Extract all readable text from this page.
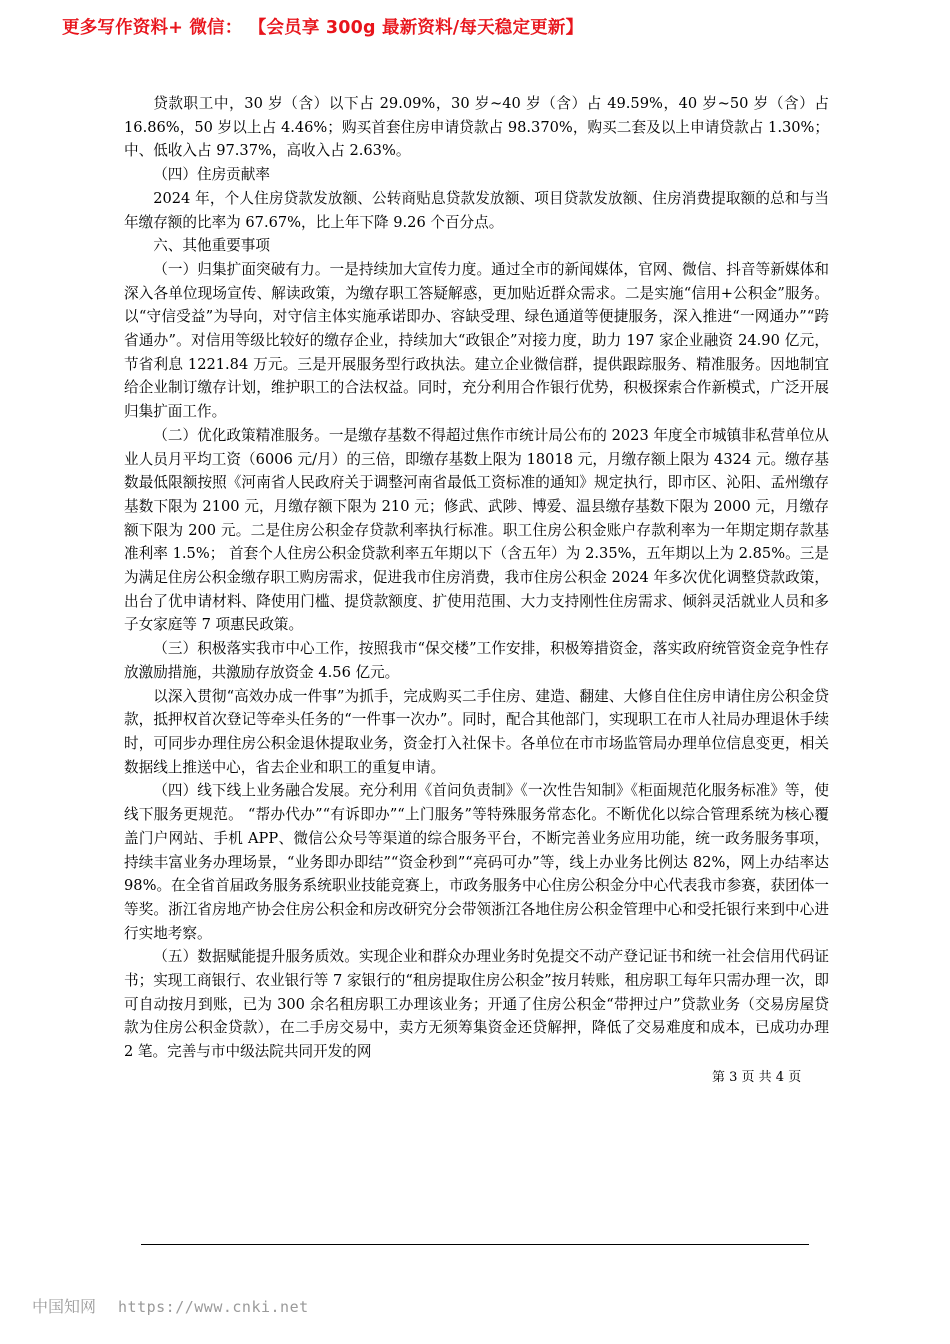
更多写作资料+ 微信： 【会员享 300g 最新资料/每天稳定更新】

贷款职工中，30 岁（含）以下占 29.09%，30 岁~40 岁（含）占 49.59%，40 岁~50 岁（含）占 16.86%，50 岁以上占 4.46%；购买首套住房申请贷款占 98.370%，购买二套及以上申请贷款占 1.30%；中、低收入占 97.37%，高收入占 2.63%。

（四）住房贡献率

2024 年，个人住房贷款发放额、公转商贴息贷款发放额、项目贷款发放额、住房消费提取额的总和与当年缴存额的比率为 67.67%，比上年下降 9.26 个百分点。

六、其他重要事项

（一）归集扩面突破有力。一是持续加大宣传力度。通过全市的新闻媒体，官网、微信、抖音等新媒体和深入各单位现场宣传、解读政策，为缴存职工答疑解惑，更加贴近群众需求。二是实施“信用+公积金”服务。以“守信受益”为导向，对守信主体实施承诺即办、容缺受理、绿色通道等便捷服务，深入推进“一网通办”“跨省通办”。对信用等级比较好的缴存企业，持续加大“政银企”对接力度，助力 197 家企业融资 24.90 亿元，节省利息 1221.84 万元。三是开展服务型行政执法。建立企业微信群，提供跟踪服务、精准服务。因地制宜给企业制订缴存计划，维护职工的合法权益。同时，充分利用合作银行优势，积极探索合作新模式，广泛开展归集扩面工作。

（二）优化政策精准服务。一是缴存基数不得超过焦作市统计局公布的 2023 年度全市城镇非私营单位从业人员月平均工资（6006 元/月）的三倍，即缴存基数上限为 18018 元，月缴存额上限为 4324 元。缴存基数最低限额按照《河南省人民政府关于调整河南省最低工资标准的通知》规定执行，即市区、沁阳、孟州缴存基数下限为 2100 元，月缴存额下限为 210 元；修武、武陟、博爱、温县缴存基数下限为 2000 元，月缴存额下限为 200 元。二是住房公积金存贷款利率执行标准。职工住房公积金账户存款利率为一年期定期存款基准利率 1.5%； 首套个人住房公积金贷款利率五年期以下（含五年）为 2.35%，五年期以上为 2.85%。三是为满足住房公积金缴存职工购房需求，促进我市住房消费，我市住房公积金 2024 年多次优化调整贷款政策，出台了优申请材料、降使用门槛、提贷款额度、扩使用范围、大力支持刚性住房需求、倾斜灵活就业人员和多子女家庭等 7 项惠民政策。

（三）积极落实我市中心工作，按照我市“保交楼”工作安排，积极筹措资金，落实政府统管资金竞争性存放激励措施，共激励存放资金 4.56 亿元。

以深入贯彻“高效办成一件事”为抓手，完成购买二手住房、建造、翻建、大修自住住房申请住房公积金贷款，抵押权首次登记等牵头任务的“一件事一次办”。同时，配合其他部门，实现职工在市人社局办理退休手续时，可同步办理住房公积金退休提取业务，资金打入社保卡。各单位在市市场监管局办理单位信息变更，相关数据线上推送中心，省去企业和职工的重复申请。

（四）线下线上业务融合发展。充分利用《首问负责制》《一次性告知制》《柜面规范化服务标准》等，使线下服务更规范。 “帮办代办”“有诉即办”“上门服务”等特殊服务常态化。不断优化以综合管理系统为核心覆盖门户网站、手机 APP、微信公众号等渠道的综合服务平台，不断完善业务应用功能，统一政务服务事项，持续丰富业务办理场景，“业务即办即结”“资金秒到”“亮码可办”等，线上办业务比例达 82%，网上办结率达 98%。在全省首届政务服务系统职业技能竞赛上，市政务服务中心住房公积金分中心代表我市参赛，获团体一等奖。浙江省房地产协会住房公积金和房改研究分会带领浙江各地住房公积金管理中心和受托银行来到中心进行实地考察。

（五）数据赋能提升服务质效。实现企业和群众办理业务时免提交不动产登记证书和统一社会信用代码证书；实现工商银行、农业银行等 7 家银行的“租房提取住房公积金”按月转账，租房职工每年只需办理一次，即可自动按月到账，已为 300 余名租房职工办理该业务；开通了住房公积金“带押过户”贷款业务（交易房屋贷款为住房公积金贷款），在二手房交易中，卖方无须筹集资金还贷解押，降低了交易难度和成本，已成功办理 2 笔。完善与市中级法院共同开发的网

第 3 页 共 4 页
中国知网 https://www.cnki.net
